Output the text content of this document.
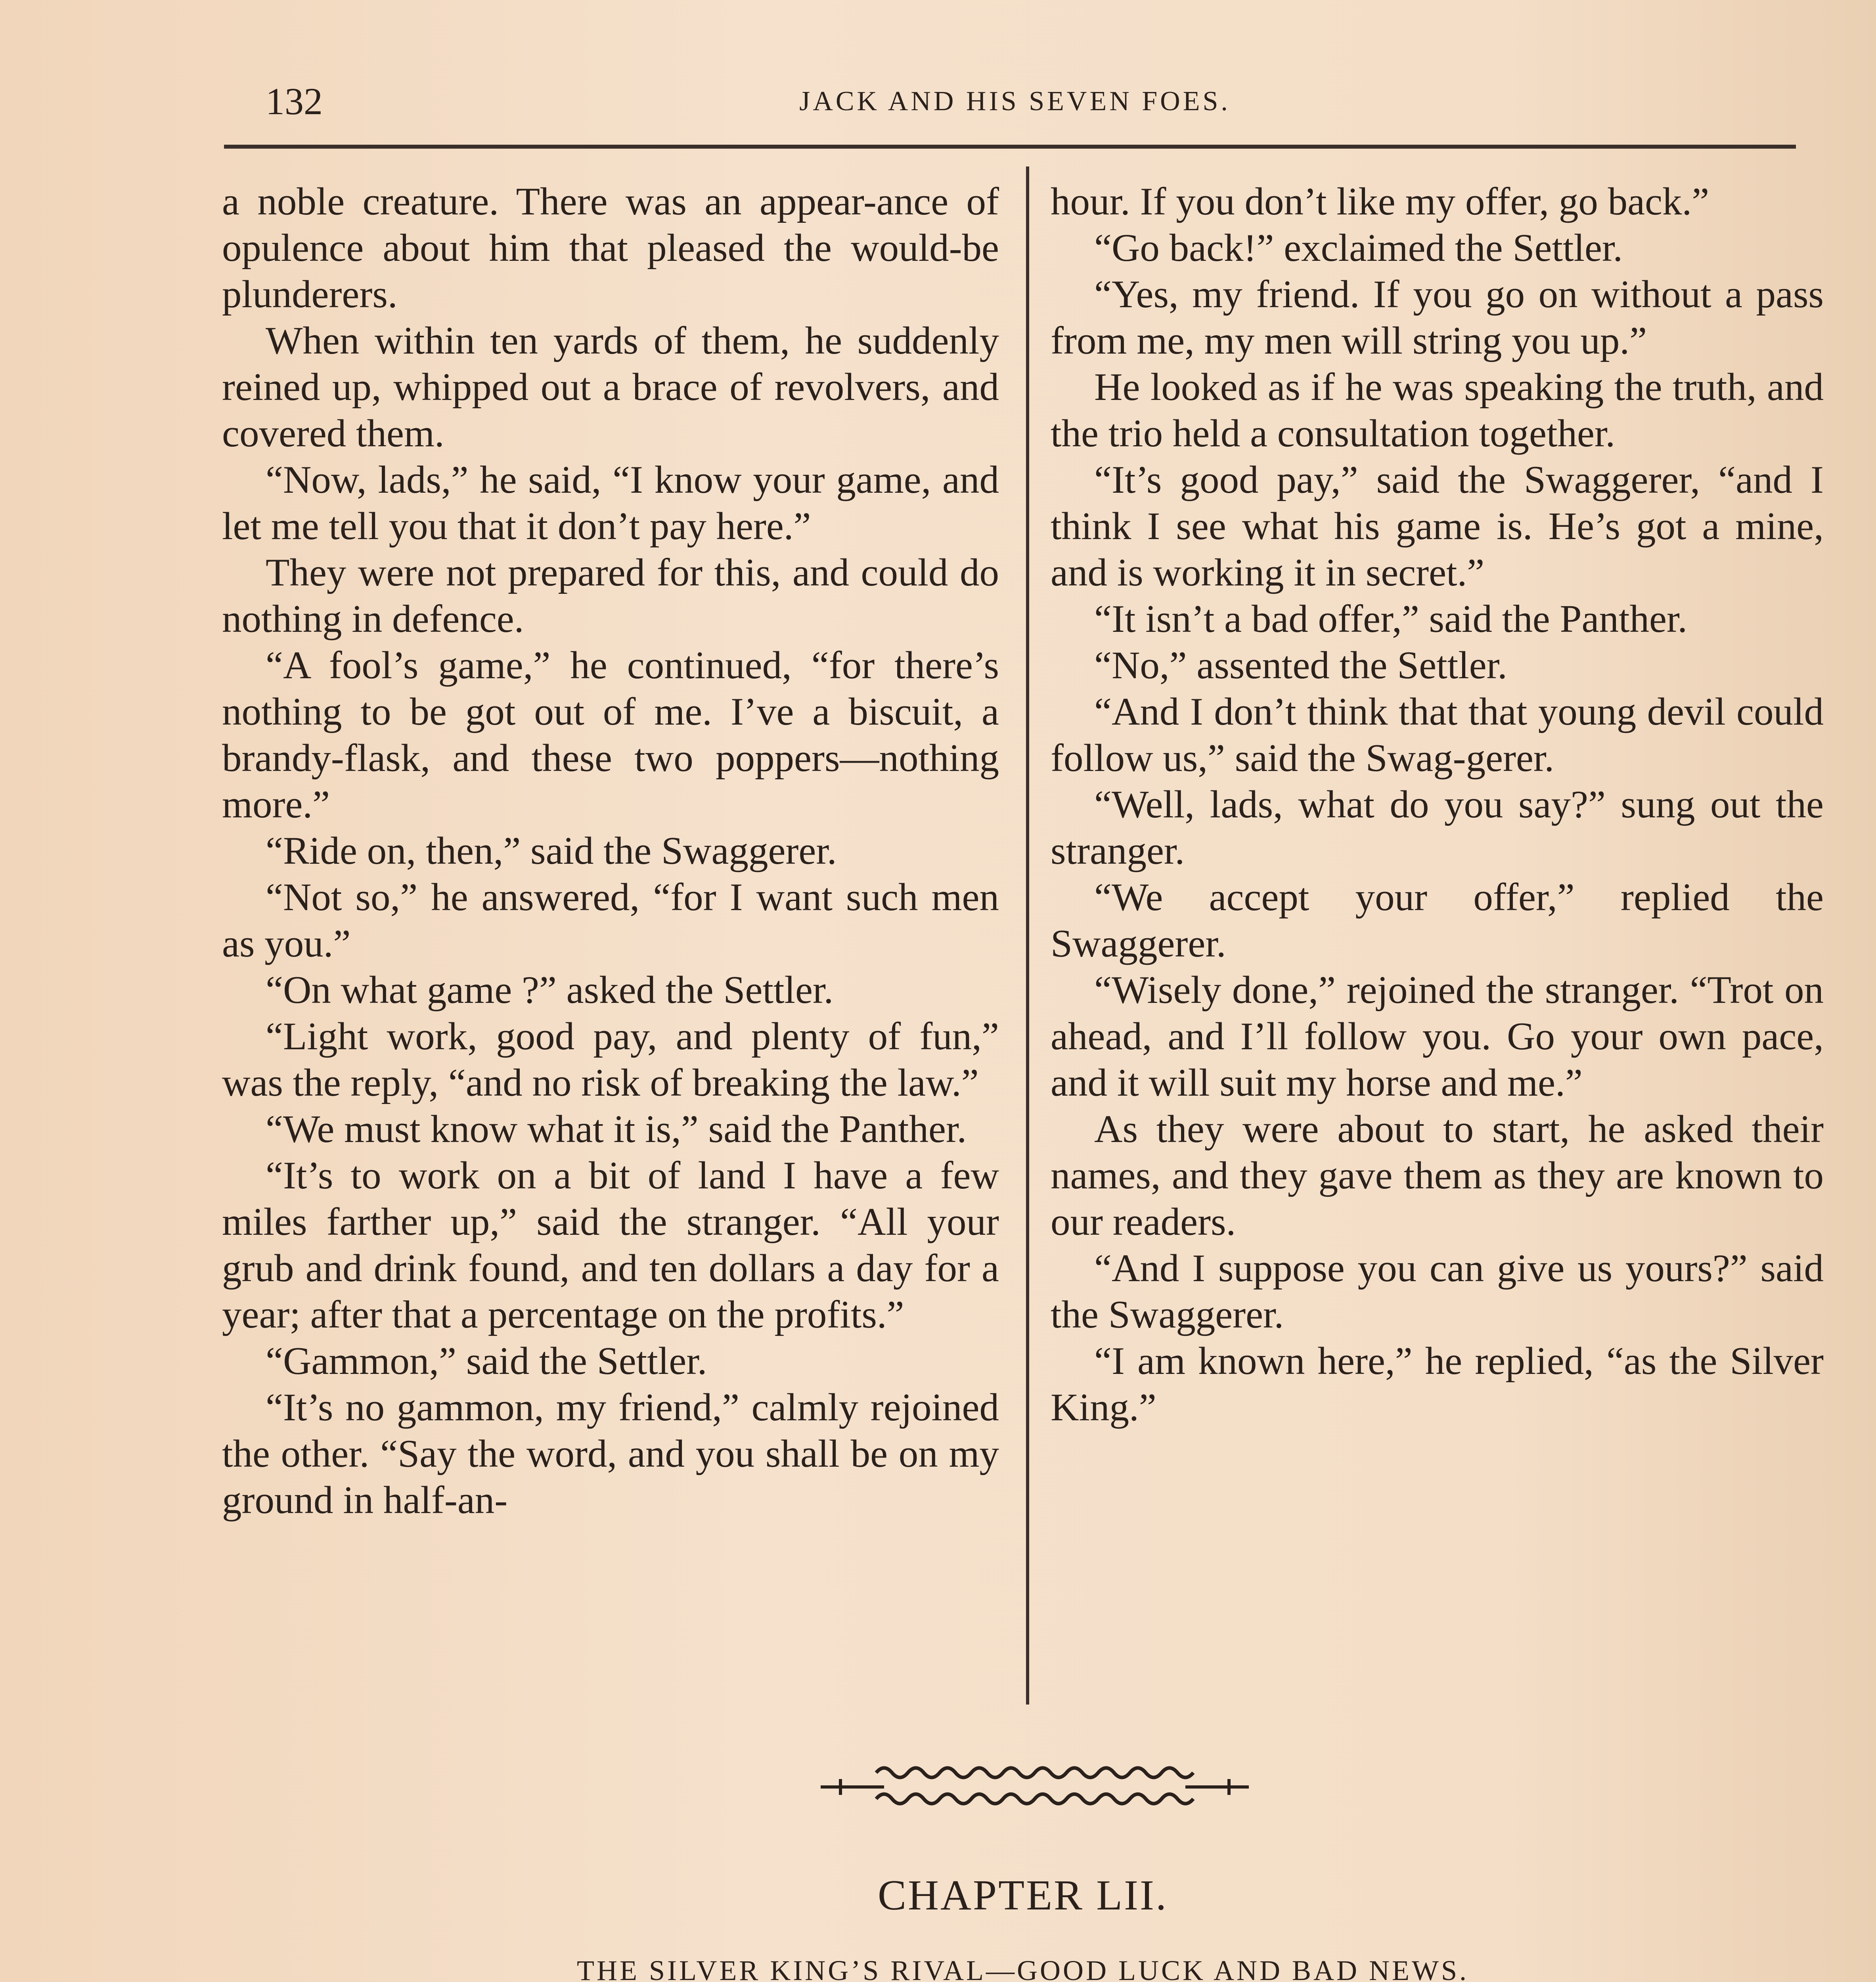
132	JACK AND HIS SEVEN FOES.

a noble creature. There was an appear-ance of opulence about him that pleased the would-be plunderers.

When within ten yards of them, he suddenly reined up, whipped out a brace of revolvers, and covered them.

“Now, lads,” he said, “I know your game, and let me tell you that it don’t pay here.”

They were not prepared for this, and could do nothing in defence.

“A fool’s game,” he continued, “for there’s nothing to be got out of me. I’ve a biscuit, a brandy-flask, and these two poppers—nothing more.”

“Ride on, then,” said the Swaggerer.

“Not so,” he answered, “for I want such men as you.”

“On what game ?” asked the Settler.

“Light work, good pay, and plenty of fun,” was the reply, “and no risk of breaking the law.”

“We must know what it is,” said the Panther.

“It’s to work on a bit of land I have a few miles farther up,” said the stranger. “All your grub and drink found, and ten dollars a day for a year; after that a percentage on the profits.”

“Gammon,” said the Settler.

“It’s no gammon, my friend,” calmly rejoined the other. “Say the word, and you shall be on my ground in half-an-

hour. If you don’t like my offer, go back.”

“Go back!” exclaimed the Settler.

“Yes, my friend. If you go on without a pass from me, my men will string you up.”

He looked as if he was speaking the truth, and the trio held a consultation together.

“It’s good pay,” said the Swaggerer, “and I think I see what his game is. He’s got a mine, and is working it in secret.”

“It isn’t a bad offer,” said the Panther.

“No,” assented the Settler.

“And I don’t think that that young devil could follow us,” said the Swag-gerer.

“Well, lads, what do you say?” sung out the stranger.

“We accept your offer,” replied the Swaggerer.

“Wisely done,” rejoined the stranger. “Trot on ahead, and I’ll follow you. Go your own pace, and it will suit my horse and me.”

As they were about to start, he asked their names, and they gave them as they are known to our readers.

“And I suppose you can give us yours?” said the Swaggerer.

“I am known here,” he replied, “as the Silver King.”

CHAPTER LII.
THE SILVER KING’S RIVAL—GOOD LUCK AND BAD NEWS.
